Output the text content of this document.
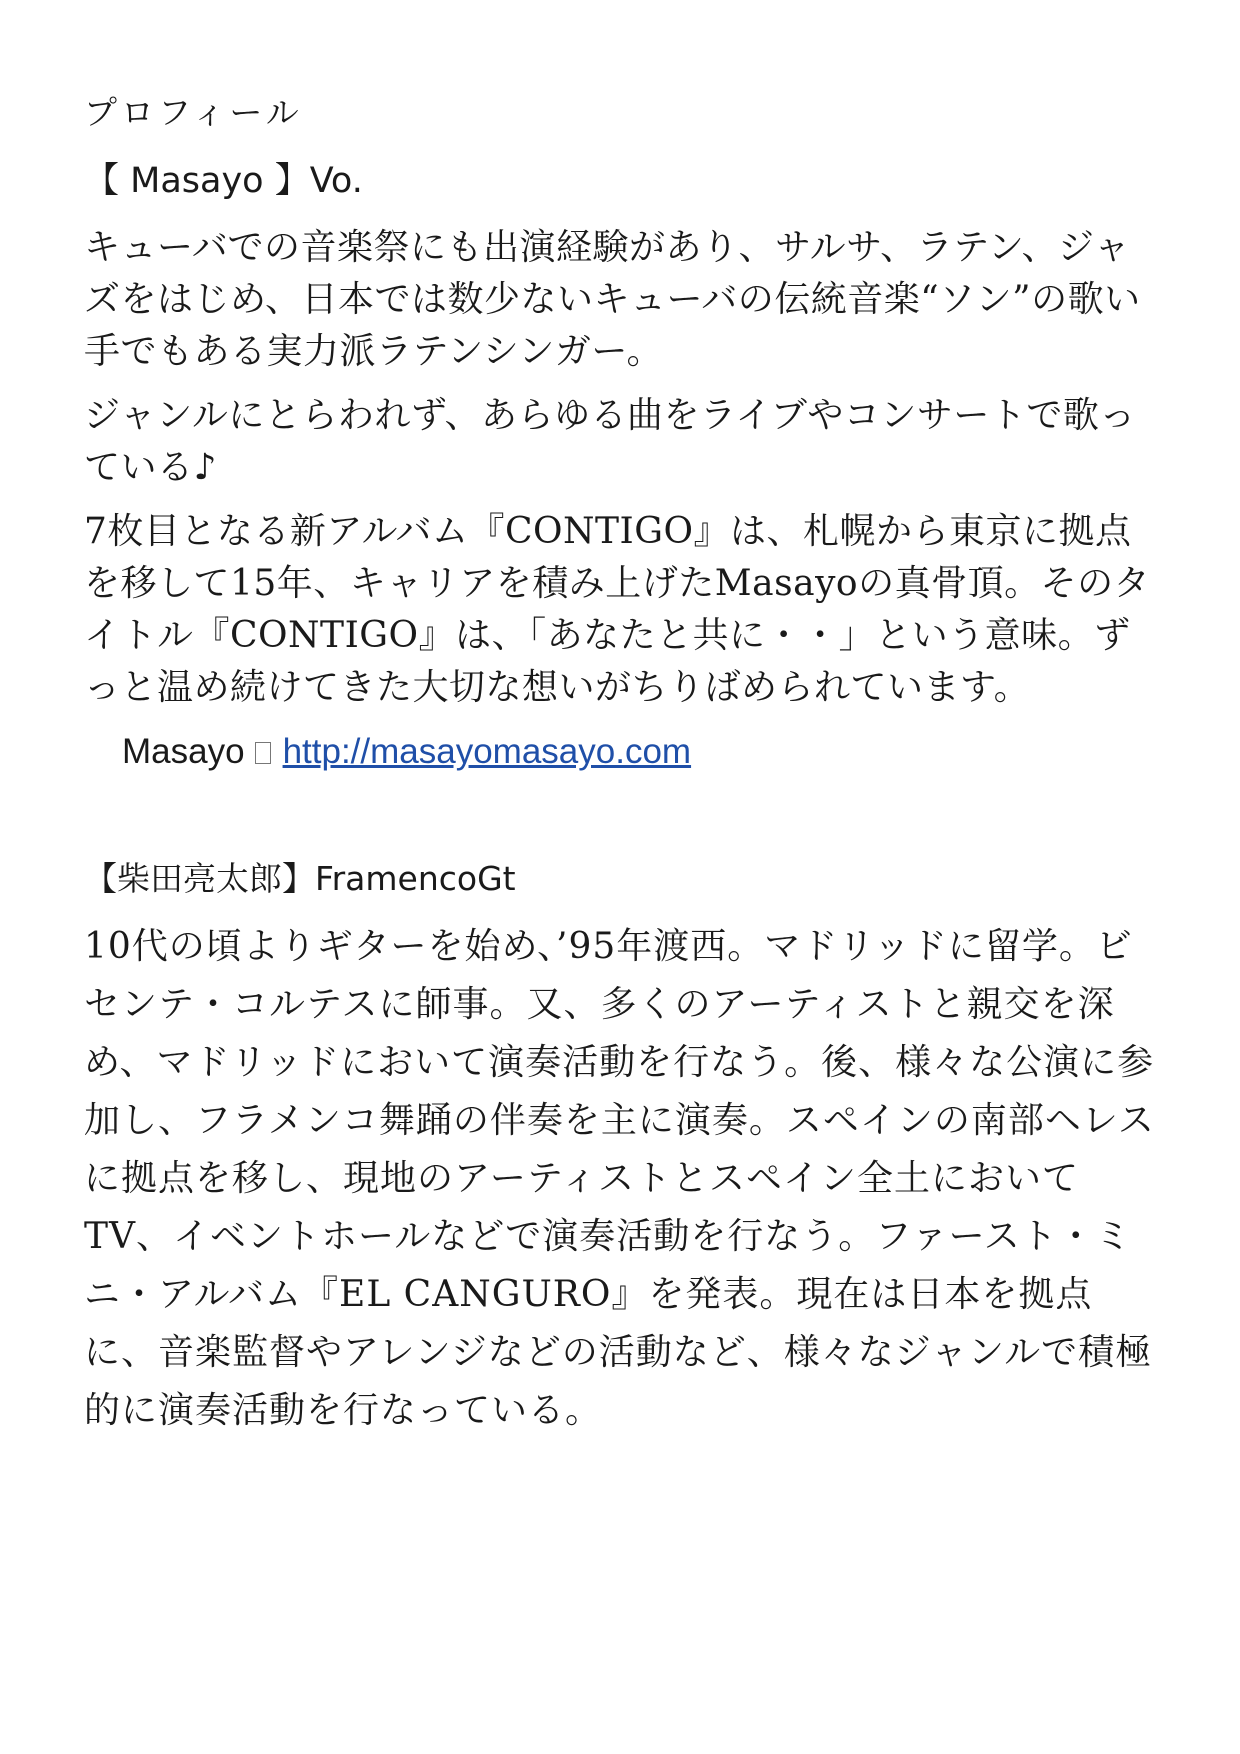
プロフィール
【 Masayo 】Vo.

キューバでの音楽祭にも出演経験があり、サルサ、ラテン、ジャズをはじめ、日本では数少ないキューバの伝統音楽“ソン”の歌い手でもある実力派ラテンシンガー。

ジャンルにとらわれず、あらゆる曲をライブやコンサートで歌っている♪

7枚目となる新アルバム『CONTIGO』は、札幌から東京に拠点を移して15年、キャリアを積み上げたMasayoの真骨頂。そのタイトル『CONTIGO』は、「あなたと共に・・」という意味。ずっと温め続けてきた大切な想いがちりばめられています。

Masayo http://masayomasayo.com
【柴田亮太郎】FramencoGt

10代の頃よりギターを始め、’95年渡西。マドリッドに留学。ビセンテ・コルテスに師事。又、多くのアーティストと親交を深め、マドリッドにおいて演奏活動を行なう。後、様々な公演に参加し、フラメンコ舞踊の伴奏を主に演奏。スペインの南部ヘレスに拠点を移し、現地のアーティストとスペイン全土においてTV、イベントホールなどで演奏活動を行なう。ファースト・ミニ・アルバム『EL CANGURO』を発表。現在は日本を拠点に、音楽監督やアレンジなどの活動など、様々なジャンルで積極的に演奏活動を行なっている。
